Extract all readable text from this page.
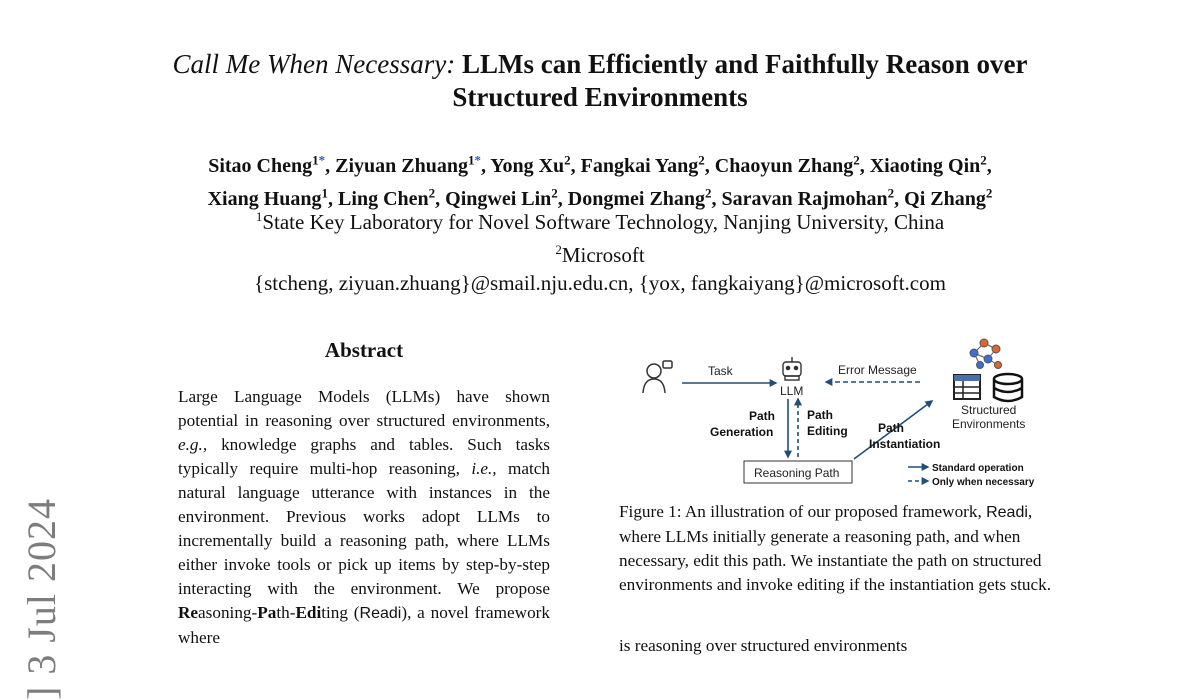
] 3 Jul 2024
Call Me When Necessary: LLMs can Efficiently and Faithfully Reason over
Structured Environments
Sitao Cheng$^{1*}$, Ziyuan Zhuang$^{1*}$, Yong Xu$^2$, Fangkai Yang$^2$, Chaoyun Zhang$^2$, Xiaoting Qin$^2$,
Xiang Huang$^1$, Ling Chen$^2$, Qingwei Lin$^2$, Dongmei Zhang$^2$, Saravan Rajmohan$^2$, Qi Zhang$^2$
$^1$State Key Laboratory for Novel Software Technology, Nanjing University, China
$^2$Microsoft
{stcheng, ziyuan.zhuang}@smail.nju.edu.cn, {yox, fangkaiyang}@microsoft.com
Abstract
Large Language Models (LLMs) have shown potential in reasoning over structured environments, e.g., knowledge graphs and tables. Such tasks typically require multi-hop reasoning, i.e., match natural language utterance with instances in the environment. Previous works adopt LLMs to incrementally build a reasoning path, where LLMs either invoke tools or pick up items by step-by-step interacting with the environment. We propose Reasoning-Path-Editing (Readi), a novel framework where
Task
LLM
Error Message
Path
Generation
Path
Editing
Reasoning Path
Path
Instantiation
Structured
Environments
Standard operation
Only when necessary
Figure 1: An illustration of our proposed framework, Readi, where LLMs initially generate a reasoning path, and when necessary, edit this path. We instantiate the path on structured environments and invoke editing if the instantiation gets stuck.
is reasoning over structured environments
